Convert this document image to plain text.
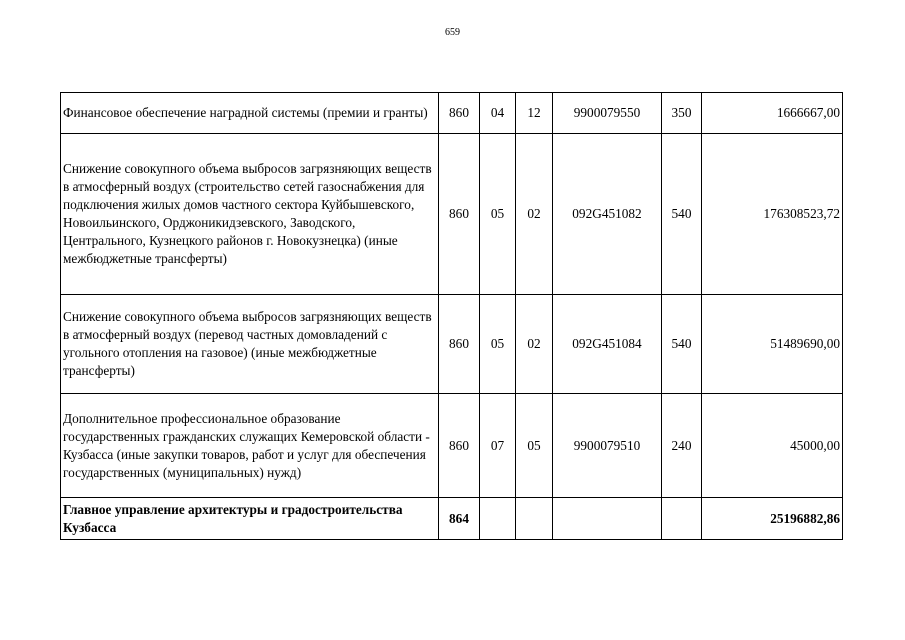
659
Финансовое обеспечение наградной системы (премии и гранты)	860	04	12	9900079550	350	1666667,00
Снижение совокупного объема выбросов загрязняющих веществ в атмосферный воздух (строительство сетей газоснабжения для подключения жилых домов частного сектора Куйбышевского, Новоильинского, Орджоникидзевского, Заводского, Центрального, Кузнецкого районов г. Новокузнецка) (иные межбюджетные трансферты)	860	05	02	092G451082	540	176308523,72
Снижение совокупного объема выбросов загрязняющих веществ в атмосферный воздух (перевод частных домовладений с угольного отопления на газовое) (иные межбюджетные трансферты)	860	05	02	092G451084	540	51489690,00
Дополнительное профессиональное образование государственных гражданских служащих Кемеровской области - Кузбасса (иные закупки товаров, работ и услуг для обеспечения государственных (муниципальных) нужд)	860	07	05	9900079510	240	45000,00
Главное управление архитектуры и градостроительства Кузбасса	864					25196882,86
